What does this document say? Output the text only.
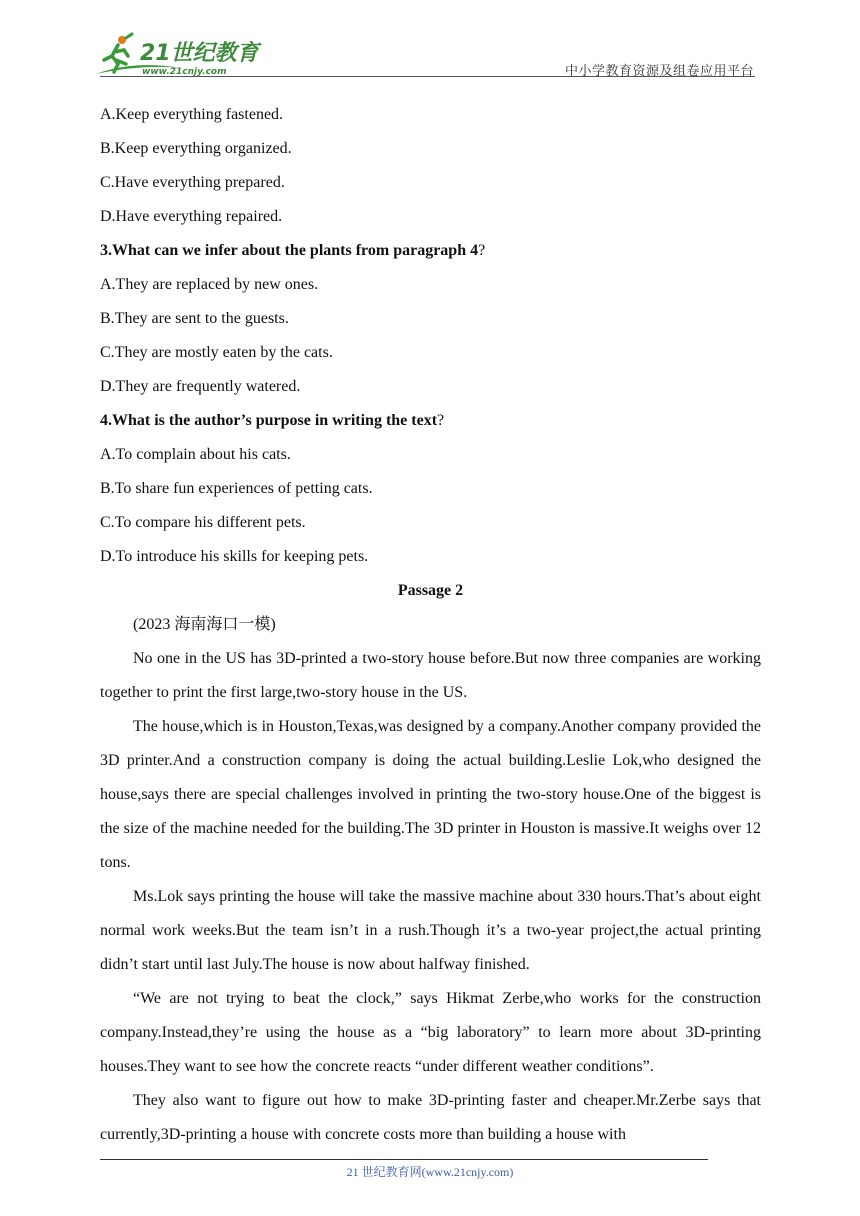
21世纪教育
www.21cnjy.com	中小学教育资源及组卷应用平台
A.Keep everything fastened.
B.Keep everything organized.
C.Have everything prepared.
D.Have everything repaired.
3.What can we infer about the plants from paragraph 4?
A.They are replaced by new ones.
B.They are sent to the guests.
C.They are mostly eaten by the cats.
D.They are frequently watered.
4.What is the author’s purpose in writing the text?
A.To complain about his cats.
B.To share fun experiences of petting cats.
C.To compare his different pets.
D.To introduce his skills for keeping pets.
Passage 2
(2023 海南海口一模)

No one in the US has 3D-printed a two-story house before.But now three companies are working together to print the first large,two-story house in the US.

The house,which is in Houston,Texas,was designed by a company.Another company provided the 3D printer.And a construction company is doing the actual building.Leslie Lok,who designed the house,says there are special challenges involved in printing the two-story house.One of the biggest is the size of the machine needed for the building.The 3D printer in Houston is massive.It weighs over 12 tons.

Ms.Lok says printing the house will take the massive machine about 330 hours.That’s about eight normal work weeks.But the team isn’t in a rush.Though it’s a two-year project,the actual printing didn’t start until last July.The house is now about halfway finished.

“We are not trying to beat the clock,” says Hikmat Zerbe,who works for the construction company.Instead,they’re using the house as a “big laboratory” to learn more about 3D-printing houses.They want to see how the concrete reacts “under different weather conditions”.

They also want to figure out how to make 3D-printing faster and cheaper.Mr.Zerbe says that currently,3D-printing a house with concrete costs more than building a house with

21 世纪教育网(www.21cnjy.com)
